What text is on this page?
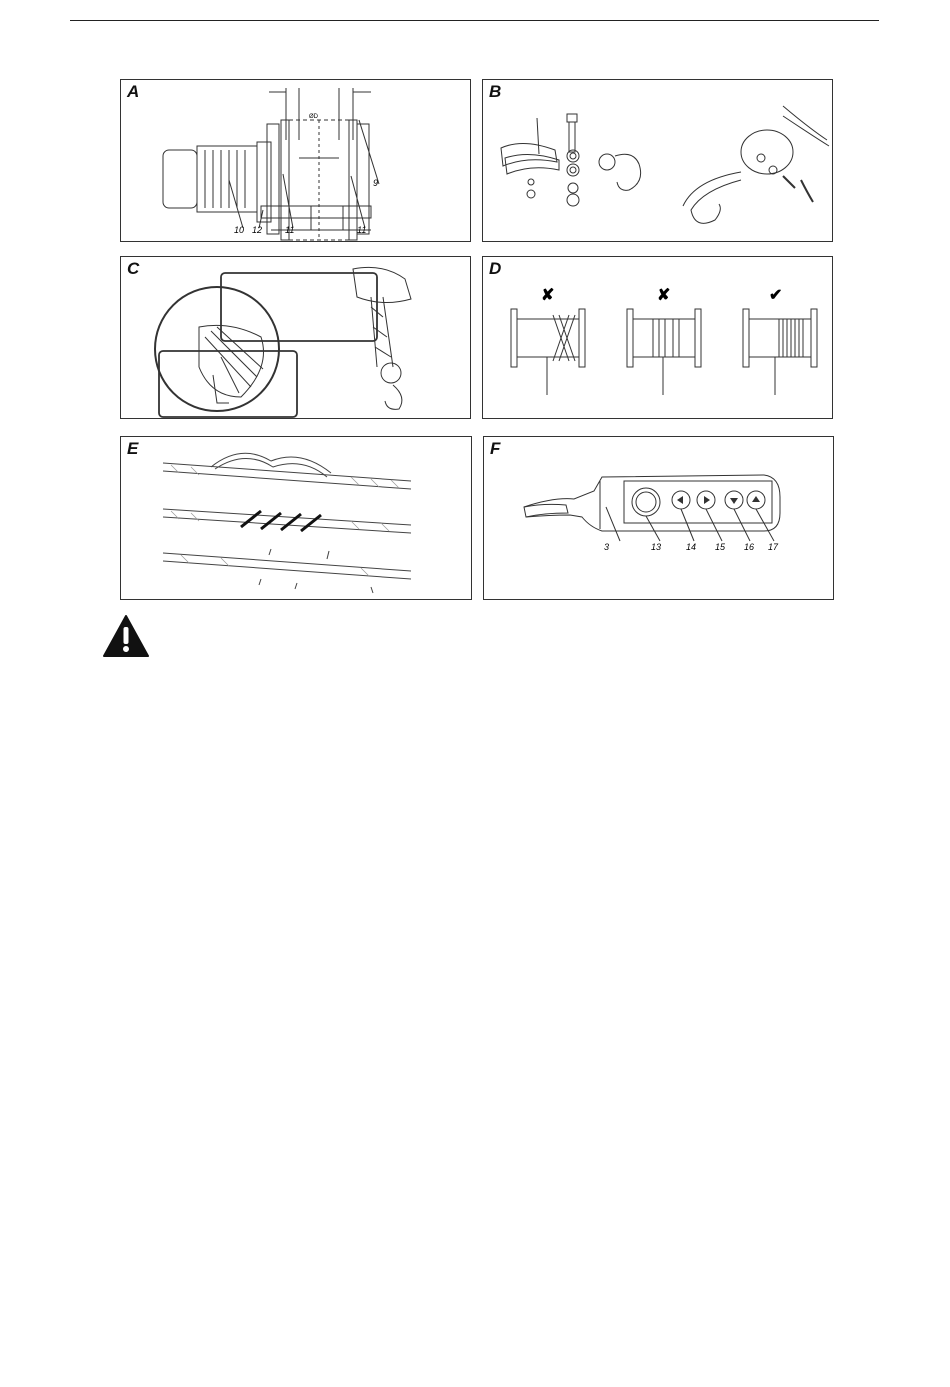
A
ØD
9
10 12	11	11
B
C	D
✘	✘	✔
E	F
3	13	14 15 16 17
